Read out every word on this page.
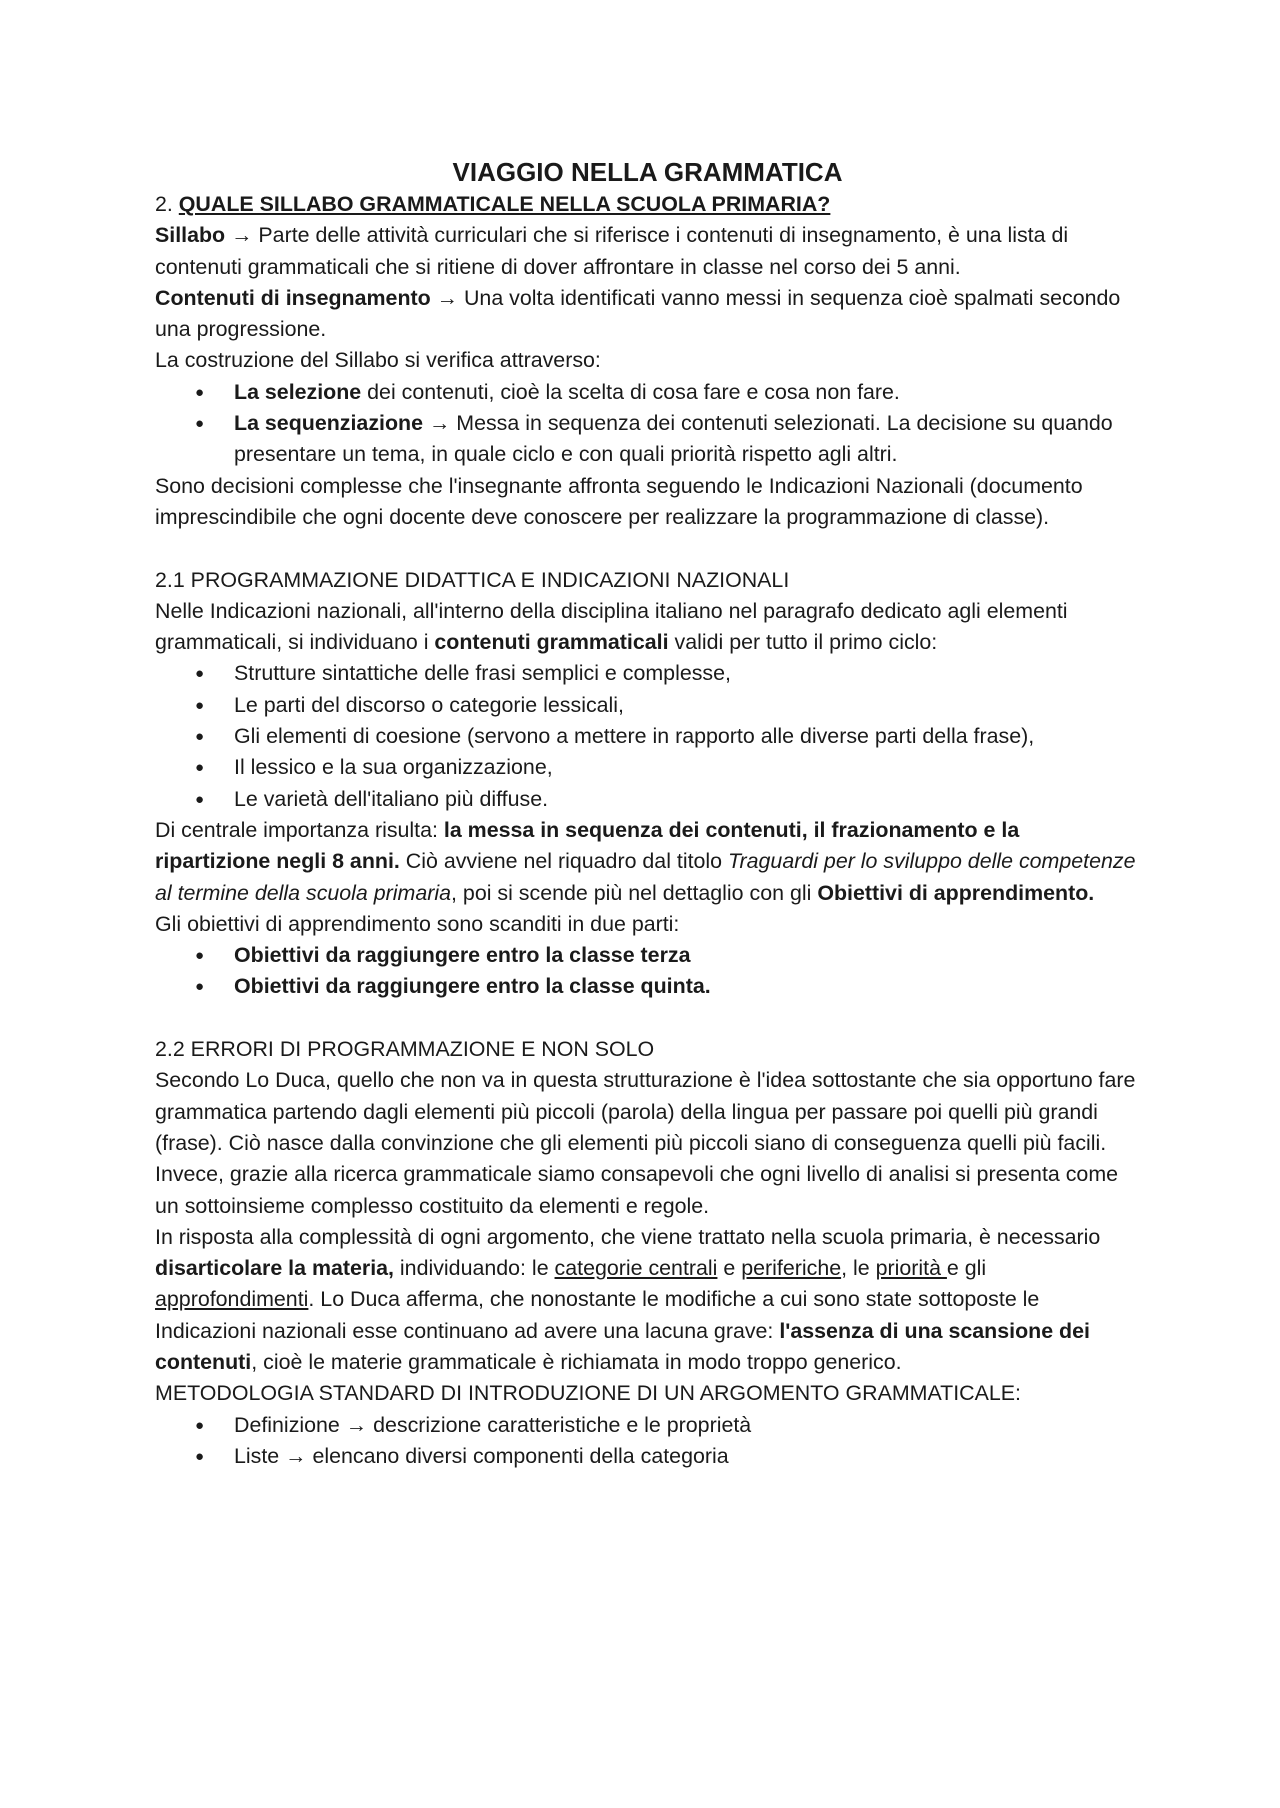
VIAGGIO NELLA GRAMMATICA

2. QUALE SILLABO GRAMMATICALE NELLA SCUOLA PRIMARIA?

Sillabo → Parte delle attività curriculari che si riferisce i contenuti di insegnamento, è una lista di contenuti grammaticali che si ritiene di dover affrontare in classe nel corso dei 5 anni.

Contenuti di insegnamento → Una volta identificati vanno messi in sequenza cioè spalmati secondo una progressione.

La costruzione del Sillabo si verifica attraverso:

● La selezione dei contenuti, cioè la scelta di cosa fare e cosa non fare.
● La sequenziazione → Messa in sequenza dei contenuti selezionati. La decisione su quando presentare un tema, in quale ciclo e con quali priorità rispetto agli altri.

Sono decisioni complesse che l'insegnante affronta seguendo le Indicazioni Nazionali (documento imprescindibile che ogni docente deve conoscere per realizzare la programmazione di classe).

2.1 PROGRAMMAZIONE DIDATTICA E INDICAZIONI NAZIONALI

Nelle Indicazioni nazionali, all'interno della disciplina italiano nel paragrafo dedicato agli elementi grammaticali, si individuano i contenuti grammaticali validi per tutto il primo ciclo:

● Strutture sintattiche delle frasi semplici e complesse,
● Le parti del discorso o categorie lessicali,
● Gli elementi di coesione (servono a mettere in rapporto alle diverse parti della frase),
● Il lessico e la sua organizzazione,
● Le varietà dell'italiano più diffuse.

Di centrale importanza risulta: la messa in sequenza dei contenuti, il frazionamento e la ripartizione negli 8 anni. Ciò avviene nel riquadro dal titolo Traguardi per lo sviluppo delle competenze al termine della scuola primaria, poi si scende più nel dettaglio con gli Obiettivi di apprendimento.

Gli obiettivi di apprendimento sono scanditi in due parti:

● Obiettivi da raggiungere entro la classe terza
● Obiettivi da raggiungere entro la classe quinta.

2.2 ERRORI DI PROGRAMMAZIONE E NON SOLO

Secondo Lo Duca, quello che non va in questa strutturazione è l'idea sottostante che sia opportuno fare grammatica partendo dagli elementi più piccoli (parola) della lingua per passare poi quelli più grandi (frase). Ciò nasce dalla convinzione che gli elementi più piccoli siano di conseguenza quelli più facili.

Invece, grazie alla ricerca grammaticale siamo consapevoli che ogni livello di analisi si presenta come un sottoinsieme complesso costituito da elementi e regole.

In risposta alla complessità di ogni argomento, che viene trattato nella scuola primaria, è necessario disarticolare la materia, individuando: le categorie centrali e periferiche, le priorità e gli approfondimenti. Lo Duca afferma, che nonostante le modifiche a cui sono state sottoposte le Indicazioni nazionali esse continuano ad avere una lacuna grave: l'assenza di una scansione dei contenuti, cioè le materie grammaticale è richiamata in modo troppo generico.

METODOLOGIA STANDARD DI INTRODUZIONE DI UN ARGOMENTO GRAMMATICALE:

● Definizione → descrizione caratteristiche e le proprietà
● Liste → elencano diversi componenti della categoria
